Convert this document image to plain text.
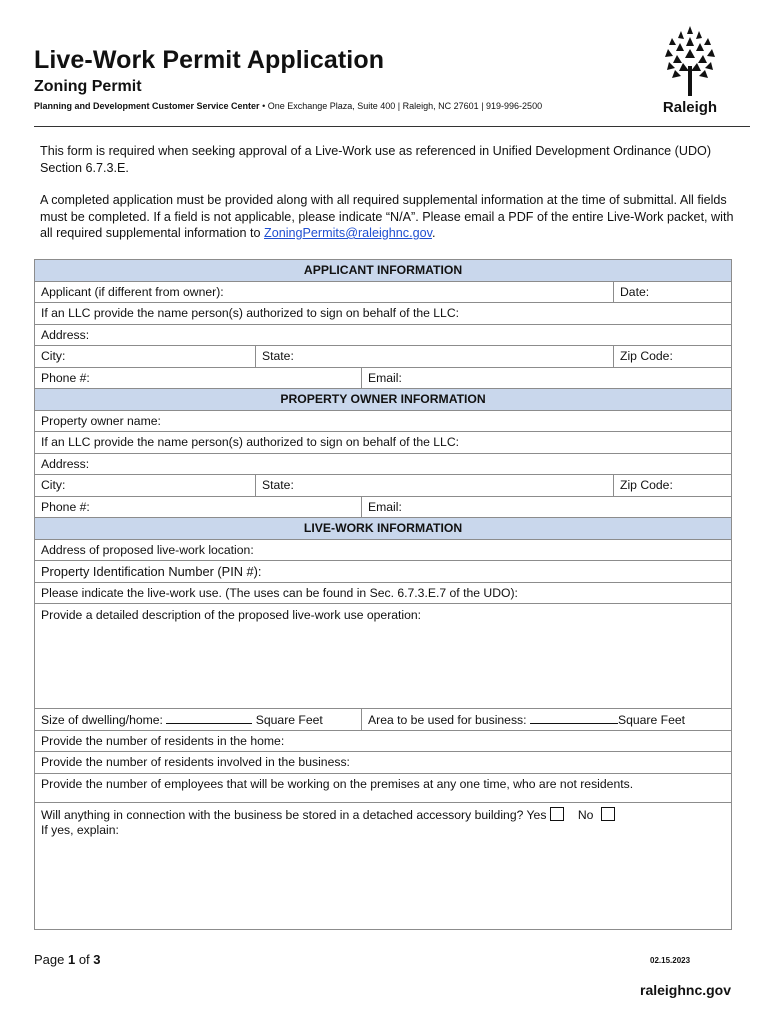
Live-Work Permit Application
Zoning Permit
Planning and Development Customer Service Center • One Exchange Plaza, Suite 400 | Raleigh, NC 27601 | 919-996-2500	Raleigh
This form is required when seeking approval of a Live-Work use as referenced in Unified Development Ordinance (UDO) Section 6.7.3.E.
A completed application must be provided along with all required supplemental information at the time of submittal. All fields must be completed. If a field is not applicable, please indicate “N/A”. Please email a PDF of the entire Live-Work packet, with all required supplemental information to ZoningPermits@raleighnc.gov.
APPLICANT INFORMATION			
Applicant (if different from owner):			Date:
If an LLC provide the name person(s) authorized to sign on behalf of the LLC:			
Address:			
City:	State:		Zip Code:
Phone #:		Email:	
PROPERTY OWNER INFORMATION			
Property owner name:			
If an LLC provide the name person(s) authorized to sign on behalf of the LLC:			
Address:			
City:	State:		Zip Code:
Phone #:		Email:	
LIVE-WORK INFORMATION			
Address of proposed live-work location:			
Property Identification Number (PIN #):			
Please indicate the live-work use. (The uses can be found in Sec. 6.7.3.E.7 of the UDO):			
Provide a detailed description of the proposed live-work use operation:			
Size of dwelling/home: Square Feet		Area to be used for business: Square Feet	
Provide the number of residents in the home:			
Provide the number of residents involved in the business:			
Provide the number of employees that will be working on the premises at any one time, who are not residents.			
Will anything in connection with the business be stored in a detached accessory building? Yes No
If yes, explain:			
Page 1 of 3	02.15.2023
raleighnc.gov
